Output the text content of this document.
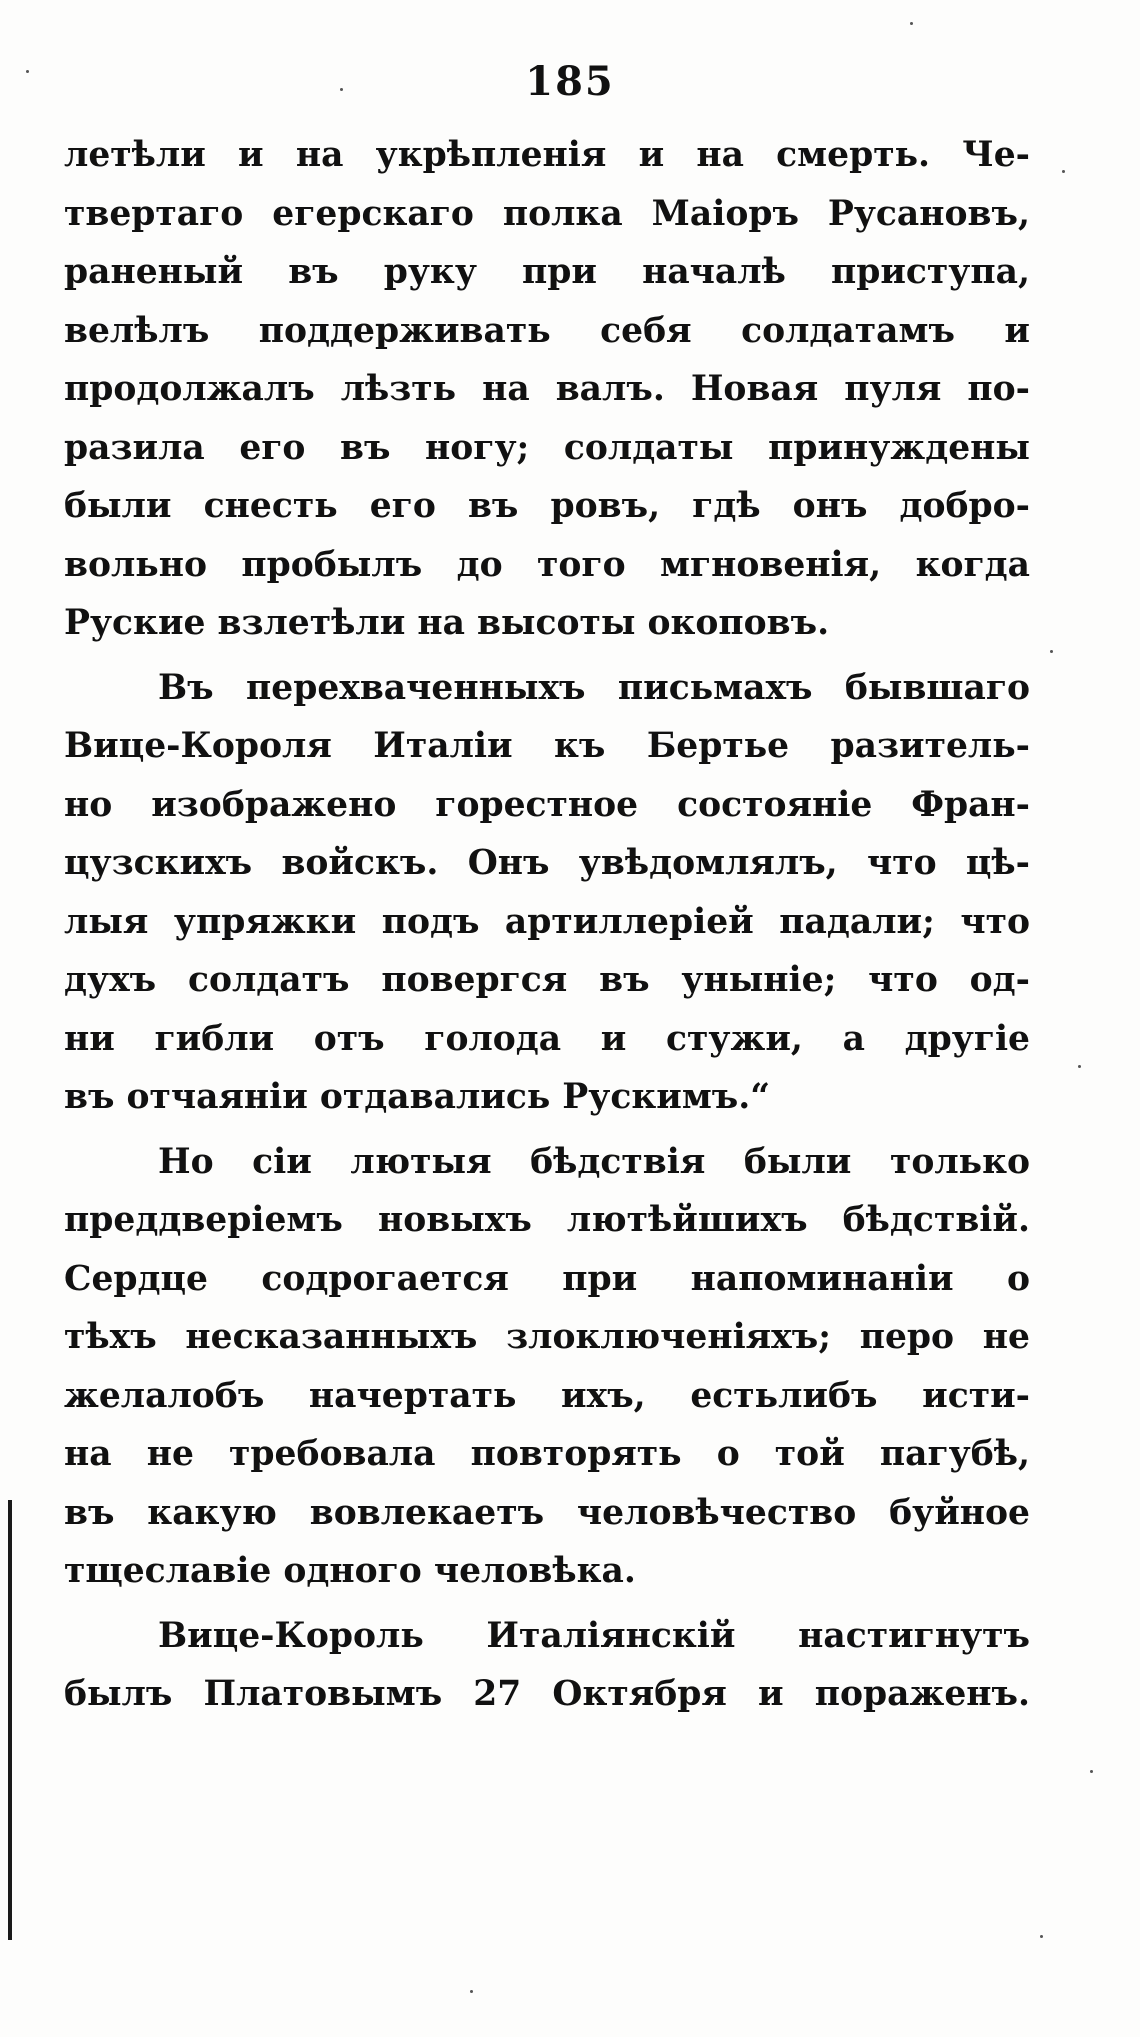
185
летѣли и на укрѣпленія и на смерть. Че-
твертаго егерскаго полка Маіоръ Русановъ,
раненый въ руку при началѣ приступа,
велѣлъ поддерживать себя солдатамъ и
продолжалъ лѣзть на валъ. Новая пуля по-
разила его въ ногу; солдаты принуждены
были снесть его въ ровъ, гдѣ онъ добро-
вольно пробылъ до того мгновенія, когда
Руские взлетѣли на высоты окоповъ.
Въ перехваченныхъ письмахъ бывшаго
Вице-Короля Италіи къ Бертье разитель-
но изображено горестное состояніе Фран-
цузскихъ войскъ. Онъ увѣдомлялъ, что цѣ-
лыя упряжки подъ артиллеріей падали; что
духъ солдатъ повергся въ уныніе; что од-
ни гибли отъ голода и стужи, а другіе
въ отчаяніи отдавались Рускимъ.“
Но сіи лютыя бѣдствія были только
преддверіемъ новыхъ лютѣйшихъ бѣдствій.
Сердце содрогается при напоминаніи о
тѣхъ несказанныхъ злоключеніяхъ; перо не
желалобъ начертать ихъ, естьлибъ исти-
на не требовала повторять о той пагубѣ,
въ какую вовлекаетъ человѣчество буйное
тщеславіе одного человѣка.
Вице-Король Италіянскій настигнутъ
былъ Платовымъ 27 Октября и пораженъ.
